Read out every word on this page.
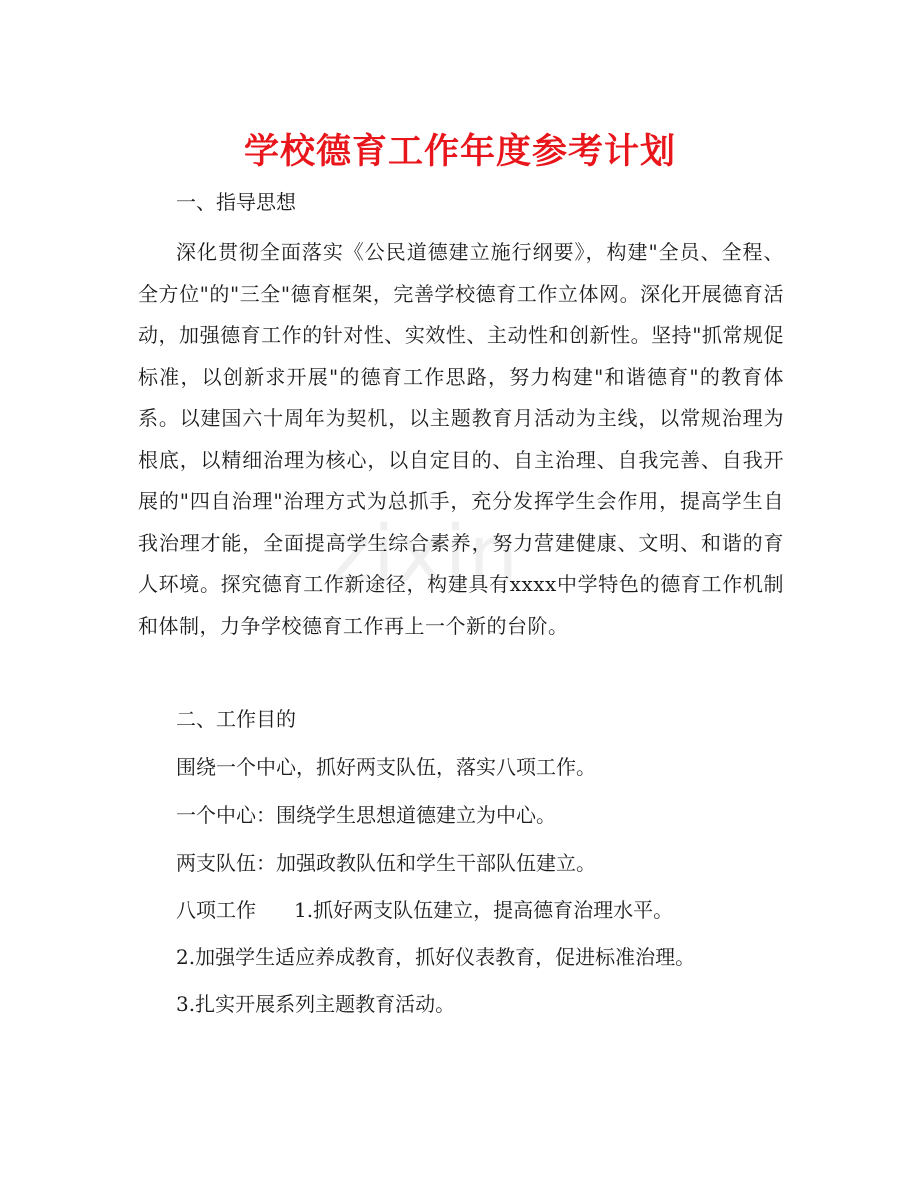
zixin
学校德育工作年度参考计划
一、指导思想

深化贯彻全面落实《公民道德建立施行纲要》，构建"全员、全程、全方位"的"三全"德育框架，完善学校德育工作立体网。深化开展德育活动，加强德育工作的针对性、实效性、主动性和创新性。坚持"抓常规促标准，以创新求开展"的德育工作思路，努力构建"和谐德育"的教育体系。以建国六十周年为契机，以主题教育月活动为主线，以常规治理为根底，以精细治理为核心，以自定目的、自主治理、自我完善、自我开展的"四自治理"治理方式为总抓手，充分发挥学生会作用，提高学生自我治理才能，全面提高学生综合素养，努力营建健康、文明、和谐的育人环境。探究德育工作新途径，构建具有xxxx中学特色的德育工作机制和体制，力争学校德育工作再上一个新的台阶。

二、工作目的
围绕一个中心，抓好两支队伍，落实八项工作。
一个中心：围绕学生思想道德建立为中心。
两支队伍：加强政教队伍和学生干部队伍建立。
八项工作 1.抓好两支队伍建立，提高德育治理水平。
2.加强学生适应养成教育，抓好仪表教育，促进标准治理。
3.扎实开展系列主题教育活动。
